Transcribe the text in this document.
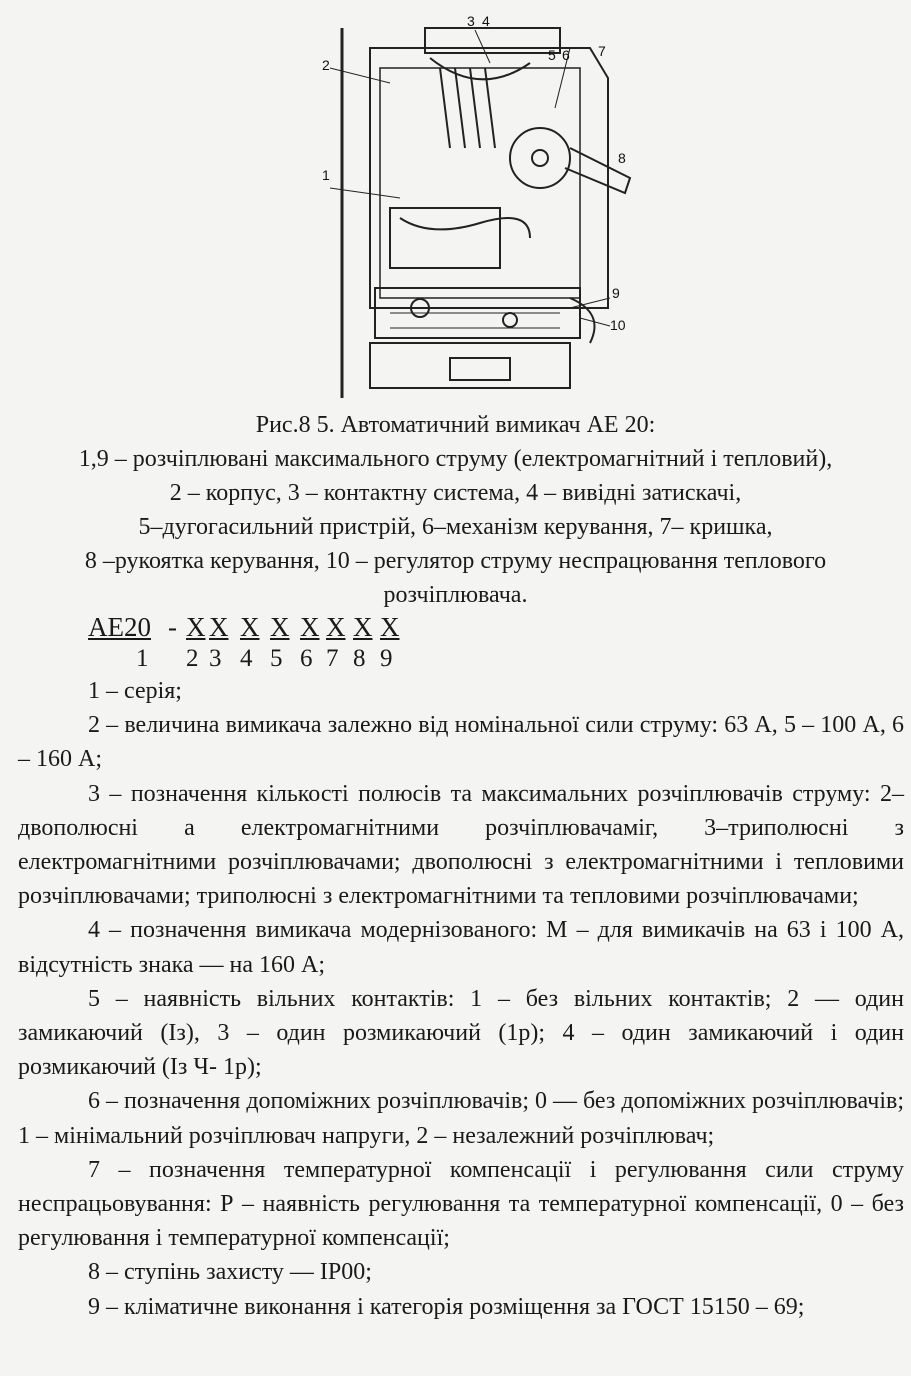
3 4
2
5 6 7
1
8
9
10
Рис.8 5. Автоматичний вимикач АЕ 20:
1,9 – розчіплювані максимального струму (електромагнітний і тепловий),
2 – корпус, 3 – контактну система, 4 – вивідні затискачі,
5–дугогасильний пристрій, 6–механізм керування, 7– кришка,
8 –рукоятка керування, 10 – регулятор струму неспрацювання теплового
розчіплювача.
АЕ20 - Х Х Х Х Х Х Х Х
1 2 3 4 5 6 7 8 9

1 – серія;

2 – величина вимикача залежно від номінальної сили струму: 63 А, 5 – 100 А, 6 – 160 А;

3 – позначення кількості полюсів та максимальних розчіплювачів струму: 2–двополюсні а електромагнітними розчіплювачаміг, 3–триполюсні з електромагнітними розчіплювачами; двополюсні з електромагнітними і тепловими розчіплювачами; триполюсні з електромагнітними та тепловими розчіплювачами;

4 – позначення вимикача модернізованого: М – для вимикачів на 63 і 100 А, відсутність знака — на 160 А;

5 – наявність вільних контактів: 1 – без вільних контактів; 2 — один замикаючий (Із), 3 – один розмикаючий (1р); 4 – один замикаючий і один розмикаючий (Із Ч- 1р);

6 – позначення допоміжних розчіплювачів; 0 — без допоміжних розчіплювачів; 1 – мінімальний розчіплювач напруги, 2 – незалежний розчіплювач;

7 – позначення температурної компенсації і регулювання сили струму неспрацьовування: Р – наявність регулювання та температурної компенсації, 0 – без регулювання і температурної компенсації;

8 – ступінь захисту — ІР00;

9 – кліматичне виконання і категорія розміщення за ГОСТ 15150 – 69;
